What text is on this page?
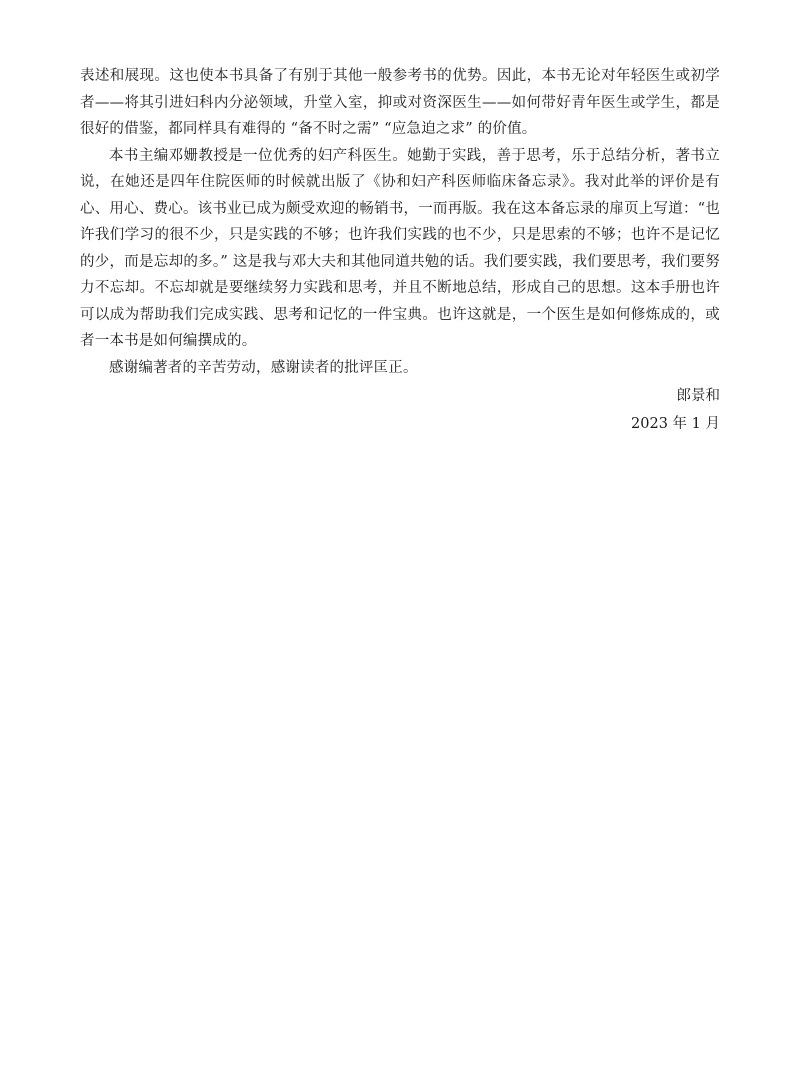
表述和展现。这也使本书具备了有别于其他一般参考书的优势。因此，本书无论对年轻医生或初学者——将其引进妇科内分泌领域，升堂入室，抑或对资深医生——如何带好青年医生或学生，都是很好的借鉴，都同样具有难得的 “备不时之需” “应急迫之求” 的价值。

本书主编邓姗教授是一位优秀的妇产科医生。她勤于实践，善于思考，乐于总结分析，著书立说，在她还是四年住院医师的时候就出版了《协和妇产科医师临床备忘录》。我对此举的评价是有心、用心、费心。该书业已成为颇受欢迎的畅销书，一而再版。我在这本备忘录的扉页上写道：“也许我们学习的很不少，只是实践的不够；也许我们实践的也不少，只是思索的不够；也许不是记忆的少，而是忘却的多。” 这是我与邓大夫和其他同道共勉的话。我们要实践，我们要思考，我们要努力不忘却。不忘却就是要继续努力实践和思考，并且不断地总结，形成自己的思想。这本手册也许可以成为帮助我们完成实践、思考和记忆的一件宝典。也许这就是，一个医生是如何修炼成的，或者一本书是如何编撰成的。

感谢编著者的辛苦劳动，感谢读者的批评匡正。

郎景和
2023 年 1 月
